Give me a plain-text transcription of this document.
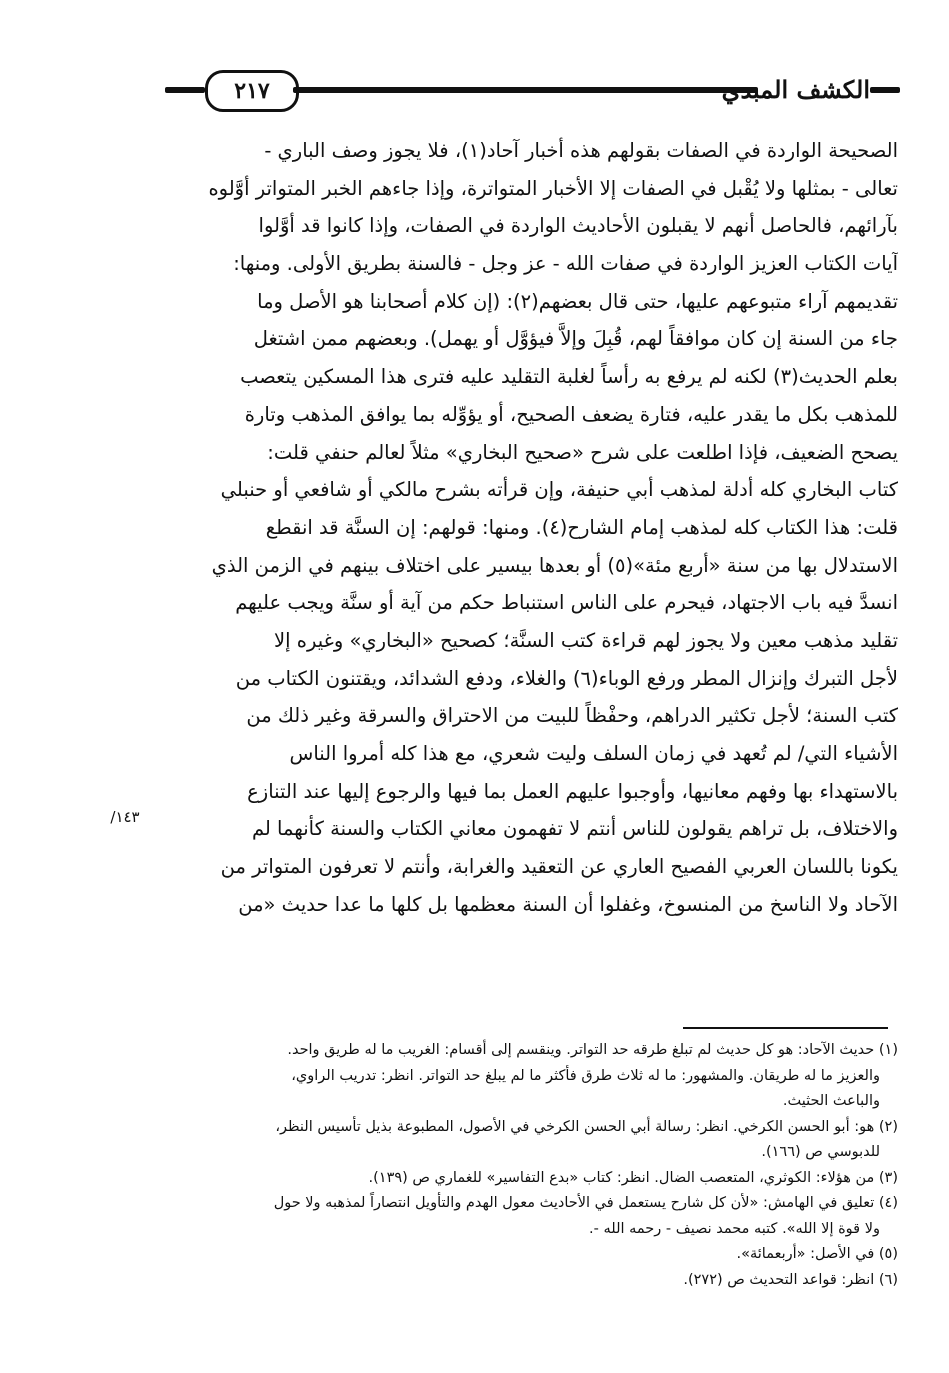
٢١٧	الكشف المبدي
الصحيحة الواردة في الصفات بقولهم هذه أخبار آحاد(١)، فلا يجوز وصف الباري -
تعالى - بمثلها ولا يُقْبل في الصفات إلا الأخبار المتواترة، وإذا جاءهم الخبر المتواتر أوَّلوه
بآرائهم، فالحاصل أنهم لا يقبلون الأحاديث الواردة في الصفات، وإذا كانوا قد أوَّلوا
آيات الكتاب العزيز الواردة في صفات الله - عز وجل - فالسنة بطريق الأولى. ومنها:
تقديمهم آراء متبوعهم عليها، حتى قال بعضهم(٢): (إن كلام أصحابنا هو الأصل وما
جاء من السنة إن كان موافقاً لهم، قُبِلَ وإلاَّ فيؤوَّل أو يهمل). وبعضهم ممن اشتغل
بعلم الحديث(٣) لكنه لم يرفع به رأساً لغلبة التقليد عليه فترى هذا المسكين يتعصب
للمذهب بكل ما يقدر عليه، فتارة يضعف الصحيح، أو يؤوِّله بما يوافق المذهب وتارة
يصحح الضعيف، فإذا اطلعت على شرح «صحيح البخاري» مثلاً لعالم حنفي قلت:
كتاب البخاري كله أدلة لمذهب أبي حنيفة، وإن قرأته بشرح مالكي أو شافعي أو حنبلي
قلت: هذا الكتاب كله لمذهب إمام الشارح(٤). ومنها: قولهم: إن السنَّة قد انقطع
الاستدلال بها من سنة «أربع مئة»(٥) أو بعدها بيسير على اختلاف بينهم في الزمن الذي
انسدَّ فيه باب الاجتهاد، فيحرم على الناس استنباط حكم من آية أو سنَّة ويجب عليهم
تقليد مذهب معين ولا يجوز لهم قراءة كتب السنَّة؛ كصحيح «البخاري» وغيره إلا
لأجل التبرك وإنزال المطر ورفع الوباء(٦) والغلاء، ودفع الشدائد، ويقتنون الكتاب من
كتب السنة؛ لأجل تكثير الدراهم، وحفْظاً للبيت من الاحتراق والسرقة وغير ذلك من
الأشياء التي/ لم تُعهد في زمان السلف وليت شعري، مع هذا كله أمروا الناس
بالاستهداء بها وفهم معانيها، وأوجبوا عليهم العمل بما فيها والرجوع إليها عند التنازع
والاختلاف، بل تراهم يقولون للناس أنتم لا تفهمون معاني الكتاب والسنة كأنهما لم
يكونا باللسان العربي الفصيح العاري عن التعقيد والغرابة، وأنتم لا تعرفون المتواتر من
الآحاد ولا الناسخ من المنسوخ، وغفلوا أن السنة معظمها بل كلها ما عدا حديث «من
١٤٣/
(١) حديث الآحاد: هو كل حديث لم تبلغ طرقه حد التواتر. وينقسم إلى أقسام: الغريب ما له طريق واحد.
والعزيز ما له طريقان. والمشهور: ما له ثلاث طرق فأكثر ما لم يبلغ حد التواتر. انظر: تدريب الراوي،
والباعث الحثيث.
(٢) هو: أبو الحسن الكرخي. انظر: رسالة أبي الحسن الكرخي في الأصول، المطبوعة بذيل تأسيس النظر،
للدبوسي ص (١٦٦).
(٣) من هؤلاء: الكوثري، المتعصب الضال. انظر: كتاب «بدع التفاسير» للغماري ص (١٣٩).
(٤) تعليق في الهامش: «لأن كل شارح يستعمل في الأحاديث معول الهدم والتأويل انتصاراً لمذهبه ولا حول
ولا قوة إلا الله». كتبه محمد نصيف - رحمه الله -.
(٥) في الأصل: «أربعمائة».
(٦) انظر: قواعد التحديث ص (٢٧٢).
